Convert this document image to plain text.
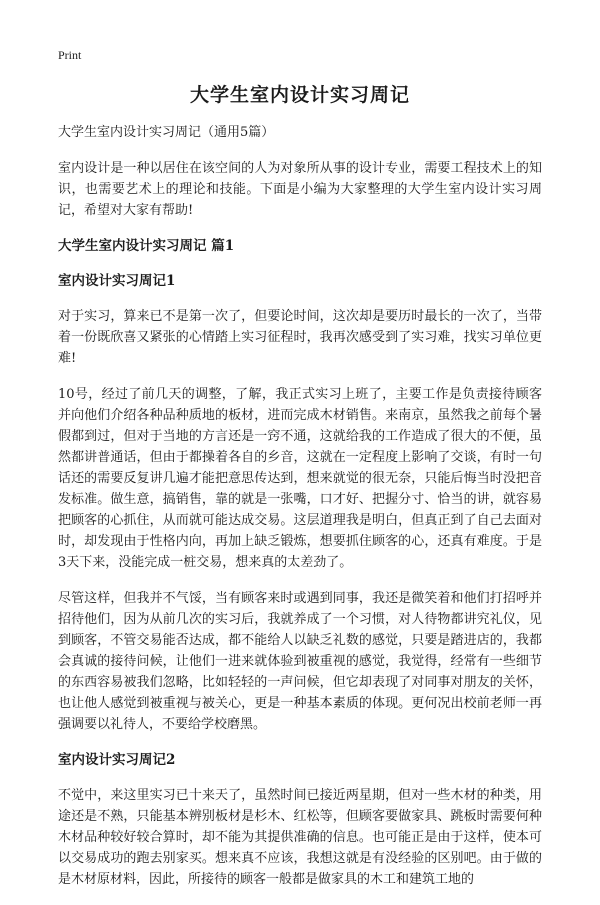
Print
大学生室内设计实习周记

大学生室内设计实习周记（通用5篇）

室内设计是一种以居住在该空间的人为对象所从事的设计专业，需要工程技术上的知识，也需要艺术上的理论和技能。下面是小编为大家整理的大学生室内设计实习周记，希望对大家有帮助!

大学生室内设计实习周记 篇1

室内设计实习周记1

对于实习，算来已不是第一次了，但要论时间，这次却是要历时最长的一次了，当带着一份既欣喜又紧张的心情踏上实习征程时，我再次感受到了实习难，找实习单位更难!

10号，经过了前几天的调整，了解，我正式实习上班了，主要工作是负责接待顾客并向他们介绍各种品种质地的板材，进而完成木材销售。来南京，虽然我之前每个暑假都到过，但对于当地的方言还是一窍不通，这就给我的工作造成了很大的不便，虽然都讲普通话，但由于都操着各自的乡音，这就在一定程度上影响了交谈，有时一句话还的需要反复讲几遍才能把意思传达到，想来就觉的很无奈，只能后悔当时没把音发标准。做生意，搞销售，靠的就是一张嘴，口才好、把握分寸、恰当的讲，就容易把顾客的心抓住，从而就可能达成交易。这层道理我是明白，但真正到了自己去面对时，却发现由于性格内向，再加上缺乏锻炼，想要抓住顾客的心，还真有难度。于是3天下来，没能完成一桩交易，想来真的太差劲了。

尽管这样，但我并不气馁，当有顾客来时或遇到同事，我还是微笑着和他们打招呼并招待他们，因为从前几次的实习后，我就养成了一个习惯，对人待物都讲究礼仪，见到顾客，不管交易能否达成，都不能给人以缺乏礼数的感觉，只要是踏进店的，我都会真诚的接待问候，让他们一进来就体验到被重视的感觉，我觉得，经常有一些细节的东西容易被我们忽略，比如轻轻的一声问候，但它却表现了对同事对朋友的关怀，也让他人感觉到被重视与被关心，更是一种基本素质的体现。更何况出校前老师一再强调要以礼待人，不要给学校磨黑。

室内设计实习周记2

不觉中，来这里实习已十来天了，虽然时间已接近两星期，但对一些木材的种类，用途还是不熟，只能基本辨别板材是杉木、红松等，但顾客要做家具、跳板时需要何种木材品种较好较合算时，却不能为其提供准确的信息。也可能正是由于这样，使本可以交易成功的跑去别家买。想来真不应该，我想这就是有没经验的区别吧。由于做的是木材原材料，因此，所接待的顾客一般都是做家具的木工和建筑工地的
